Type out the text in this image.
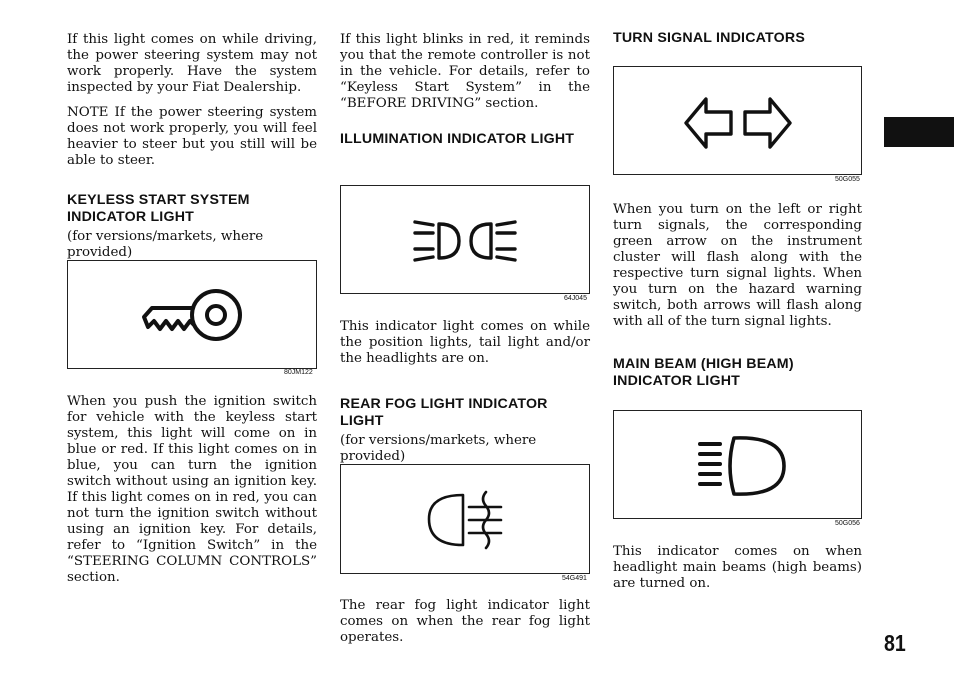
If this light comes on while driving, the power steering system may not work properly. Have the system inspected by your Fiat Dealership.

NOTE If the power steering system does not work properly, you will feel heavier to steer but you still will be able to steer.

KEYLESS START SYSTEM INDICATOR LIGHT

(for versions/markets, where provided)

80JM122

When you push the ignition switch for vehicle with the keyless start system, this light will come on in blue or red. If this light comes on in blue, you can turn the ignition switch without using an ignition key. If this light comes on in red, you can not turn the ignition switch without using an ignition key. For details, refer to “Ignition Switch” in the “STEERING COLUMN CONTROLS” section.

If this light blinks in red, it reminds you that the remote controller is not in the vehicle. For details, refer to “Keyless Start System” in the “BEFORE DRIVING” section.

ILLUMINATION INDICATOR LIGHT
64J045

This indicator light comes on while the position lights, tail light and/or the headlights are on.

REAR FOG LIGHT INDICATOR LIGHT

(for versions/markets, where provided)

54G491

The rear fog light indicator light comes on when the rear fog light operates.

TURN SIGNAL INDICATORS
50G055

When you turn on the left or right turn signals, the corresponding green arrow on the instrument cluster will flash along with the respective turn signal lights. When you turn on the hazard warning switch, both arrows will flash along with all of the turn signal lights.

MAIN BEAM (HIGH BEAM) INDICATOR LIGHT
50G056

This indicator comes on when headlight main beams (high beams) are turned on.

81
